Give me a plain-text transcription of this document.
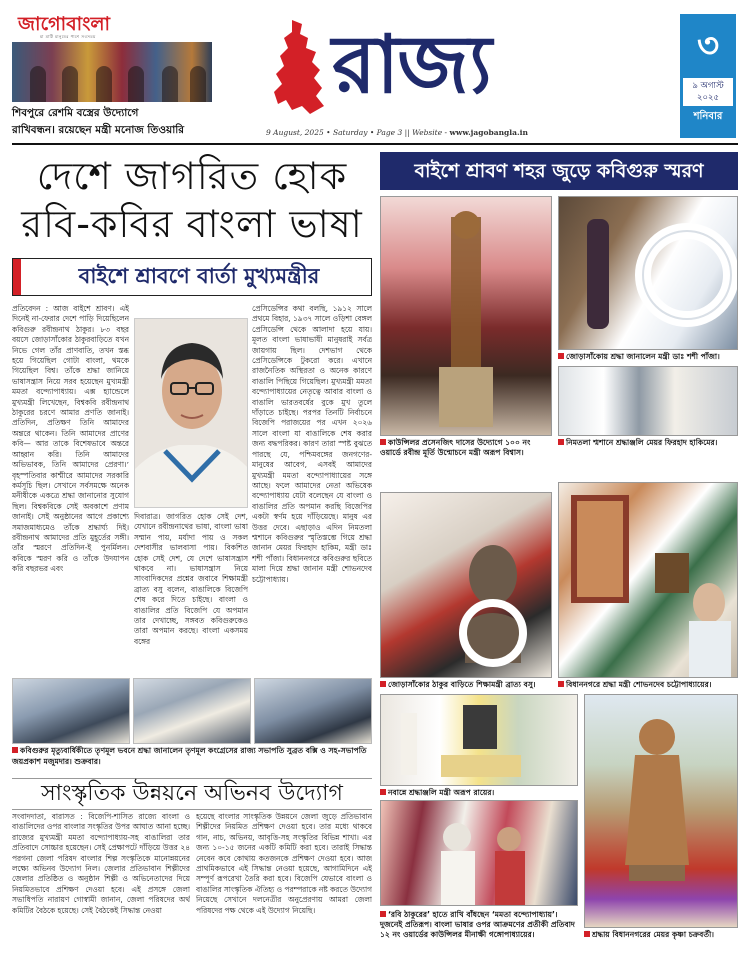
জাগোবাংলা
মা মাটি মানুষের পাশে সবসময়
শিবপুরে রেশমি বস্ত্রের উদ্যোগে
রাখিবন্ধন। রয়েছেন মন্ত্রী মনোজ তিওয়ারি
রাজ্য
9 August, 2025 • Saturday • Page 3 || Website - www.jagobangla.in
৩
৯ অগাস্ট
২০২৫
শনিবার
দেশে জাগরিত হোক
রবি-কবির বাংলা ভাষা
বাইশে শ্রাবণে বার্তা মুখ্যমন্ত্রীর
প্রতিবেদন : আজ বাইশে শ্রাবণ। এই দিনেই না-ফেরার দেশে পাড়ি দিয়েছিলেন কবিগুরু রবীন্দ্রনাথ ঠাকুর। ৮৩ বছর বয়সে জোড়াসাঁকোর ঠাকুরবাড়িতে যখন নিভে গেল তাঁর প্রাণবাতি, তখন স্তব্ধ হয়ে গিয়েছিল গোটা বাংলা, থমকে গিয়েছিল বিশ্ব। তাঁকে শ্রদ্ধা জানিয়ে ভাষাসন্ত্রাস নিয়ে সরব হয়েছেন মুখ্যমন্ত্রী মমতা বন্দ্যোপাধ্যায়। এক্স হ্যান্ডেলে মুখ্যমন্ত্রী লিখেছেন, বিশ্বকবি রবীন্দ্রনাথ ঠাকুরের চরণে আমার প্রণতি জানাই। প্রতিদিন, প্রতিক্ষণ তিনি আমাদের অন্তরে থাকেন। তিনি আমাদের প্রাণের কবি— আর তাকে বিশেষভাবে অন্তরে আহ্বান করি। তিনি আমাদের অভিভাবক, তিনি আমাদের প্রেরণা।’ বৃহস্পতিবার কাশ্মীরে আমাদের সরকারি কর্মসূচি ছিল। সেখানে সর্বসমক্ষে অনেক মনীষীকে একত্রে শ্রদ্ধা জানানোর সুযোগ ছিল। বিশ্বকবিকে সেই অবকাশে প্রণাম জানাই। সেই অনুষ্ঠানের আগে প্রকাশ্যে সমাজমাধ্যমেও তাঁকে শ্রদ্ধার্ঘ্য দিই। রবীন্দ্রনাথ আমাদের প্রতি মুহূর্তের সঙ্গী। তাঁর স্মরণে প্রতিদিন-ই পুনর্মিলন। কবিকে স্মরণ করি ও তাঁকে উদযাপন করি বছরভর এবং
দিবারাত্র। জাগরিত হোক সেই দেশ, যেখানে রবীন্দ্রনাথের ভাষা, বাংলা ভাষা সম্মান পায়, মর্যাদা পায় ও সকল দেশবাসীর ভালবাসা পায়। বিকশিত হোক সেই দেশ, যে দেশে ভাষাসন্ত্রাস থাকবে না। ভাষাসন্ত্রাস নিয়ে সাংবাদিকদের প্রশ্নের জবাবে শিক্ষামন্ত্রী ব্রাত্য বসু বলেন, বাঙালিকে বিজেপি শেষ করে দিতে চাইছে। বাংলা ও বাঙালির প্রতি বিজেপি যে অপমান তার দেখাচ্ছে, সঙ্গবত কবিগুরুকেও তারা অপমান করছে। বাংলা একসময় বঙ্গের
প্রেসিডেন্সির কথা বলছি, ১৯১২ সালে প্রথমে বিহার, ১৯৩৭ সালে ওড়িশা বেঙ্গল প্রেসিডেন্সি থেকে আলাদা হয়ে যায়। মূলত বাংলা ভাষাভাষী মানুষরাই সর্বত্র জায়গায় ছিল। দেশভাগ থেকে প্রেসিডেন্সিকে টুকরো করে। এখানে রাজনৈতিক অস্থিরতা ও অনেক কারণে বাঙালি পিছিয়ে গিয়েছিল। মুখ্যমন্ত্রী মমতা বন্দ্যোপাধ্যায়ের নেতৃত্বে আবার বাংলা ও বাঙালি ভারতবর্ষের বুকে মুখ তুলে দাঁড়াতে চাইছে। পরপর তিনটি নির্বাচনে বিজেপি পরাজয়ের পর এখন ২০২৬ সালে বাংলা যা বাঙালিকে শেষ করার জন্য বদ্ধপরিকর। কারণ তারা স্পষ্ট বুঝতে পারছে যে, পশ্চিমবঙ্গের জনগণের-মানুষের আবেগ, এসবই আমাদের মুখ্যমন্ত্রী মমতা বন্দ্যোপাধ্যায়ের সঙ্গে আছে। ফলে আমাদের নেতা অভিষেক বন্দ্যোপাধ্যায় যেটা বলেছেন যে বাংলা ও বাঙালির প্রতি অপমান করছি বিজেপির একটা স্বর্ণম হয়ে দাঁড়িয়েছে। মানুষ এর উত্তর দেবে। এছাড়াও এদিন নিমতলা শ্মশানে কবিগুরুর স্মৃতিস্তম্ভে গিয়ে শ্রদ্ধা জানান মেয়র ফিরহাদ হাকিম, মন্ত্রী ডাঃ শশী পাঁজা। বিধাননগরে কবিগুরুর ছবিতে মালা দিয়ে শ্রদ্ধা জানান মন্ত্রী শোভনদেব চট্টোপাধ্যায়।
কবিগুরুর মৃত্যুবার্ষিকীতে তৃণমূল ভবনে শ্রদ্ধা জানালেন তৃণমূল কংগ্রেসের রাজ্য সভাপতি সুব্রত বক্সি ও সহ-সভাপতি জয়প্রকাশ মজুমদার। শুক্রবার।
সাংস্কৃতিক উন্নয়নে অভিনব উদ্যোগ
সংবাদদাতা, বারাসত : বিজেপি-শাসিত রাজ্যে বাংলা ও বাঙালিদের ওপর বাংলার সংস্কৃতির উপর আঘাত আনা হচ্ছে। রাজ্যের মুখ্যমন্ত্রী মমতা বন্দ্যোপাধ্যায়-সহ বাঙালিরা তার প্রতিবাদে সোচ্চার হয়েছেন। সেই প্রেক্ষাপটে দাঁড়িয়ে উত্তর ২৪ পরগনা জেলা পরিষদ বাংলার শিল্প সংস্কৃতিকে মানোন্নয়নের লক্ষ্যে অভিনব উদ্যোগ নিল। জেলার প্রতিভাবান শিল্পীদের জেলার প্রতিষ্ঠিত ও অনুষ্ঠান শিল্পী ও অভিনেতাদের দিয়ে নিয়মিতভাবে প্রশিক্ষণ দেওয়া হবে। এই প্রসঙ্গে জেলা সভাধিপতি নারায়ণ গোস্বামী জানান, জেলা পরিষদের অর্থ কমিটির বৈঠকে হয়েছে। সেই বৈঠকেই সিদ্ধান্ত নেওয়া
হয়েছে বাংলার সাংস্কৃতিক উন্নয়নে জেলা জুড়ে প্রতিভাবান শিল্পীদের নিয়মিত প্রশিক্ষণ দেওয়া হবে। তার মধ্যে থাকবে গান, নাচ, অভিনয়, আবৃত্তি-সহ সংস্কৃতির বিভিন্ন শাখা। এর জন্য ১০-১৫ জনের একটি কমিটি করা হবে। তারাই সিদ্ধান্ত নেবেন কবে কোথায় কতজনকে প্রশিক্ষণ দেওয়া হবে। আজ প্রাথমিকভাবে এই সিদ্ধান্ত নেওয়া হয়েছে, আগামিদিনে এই সম্পূর্ণ রূপরেখা তৈরি করা হবে। বিজেপি যেভাবে বাংলা ও বাঙালির সাংস্কৃতিক ঐতিহ্য ও পরম্পরাকে নষ্ট করতে উদ্যোগ নিয়েছে সেখানে দলনেত্রীর অনুপ্রেরণায় আমরা জেলা পরিষদের পক্ষ থেকে এই উদ্যোগ নিয়েছি।
বাইশে শ্রাবণ শহর জুড়ে কবিগুরু স্মরণ
কাউন্সিলর প্রসেনজিৎ দাসের উদ্যোগে ১০০ নং ওয়ার্ডে রবীন্দ্র মূর্তি উন্মোচনে মন্ত্রী অরূপ বিশ্বাস।
জোড়াসাঁকোয় শ্রদ্ধা জানালেন মন্ত্রী ডাঃ শশী পাঁজা।
নিমতলা শ্মশানে শ্রদ্ধাঞ্জলি মেয়র ফিরহাদ হাকিমের।
জোড়াসাঁকোর ঠাকুর বাড়িতে শিক্ষামন্ত্রী ব্রাত্য বসু।	বিধাননগরে শ্রদ্ধা মন্ত্রী শোভনদেব চট্টোপাধ্যায়ের।
নবান্নে শ্রদ্ধাঞ্জলি মন্ত্রী অরূপ রায়ের।
‘রবি ঠাকুরের’ হাতে রাখি বাঁধছেন ‘মমতা বন্দ্যোপাধ্যায়’। দুজনেই প্রতিরূপ। বাংলা ভাষার ওপর আক্রমণের প্রতীকী প্রতিবাদ ১২ নং ওয়ার্ডের কাউন্সিলর মীনাক্ষী গঙ্গোপাধ্যায়ের।	শ্রদ্ধায় বিধাননগরের মেয়র কৃষ্ণা চক্রবর্তী।
